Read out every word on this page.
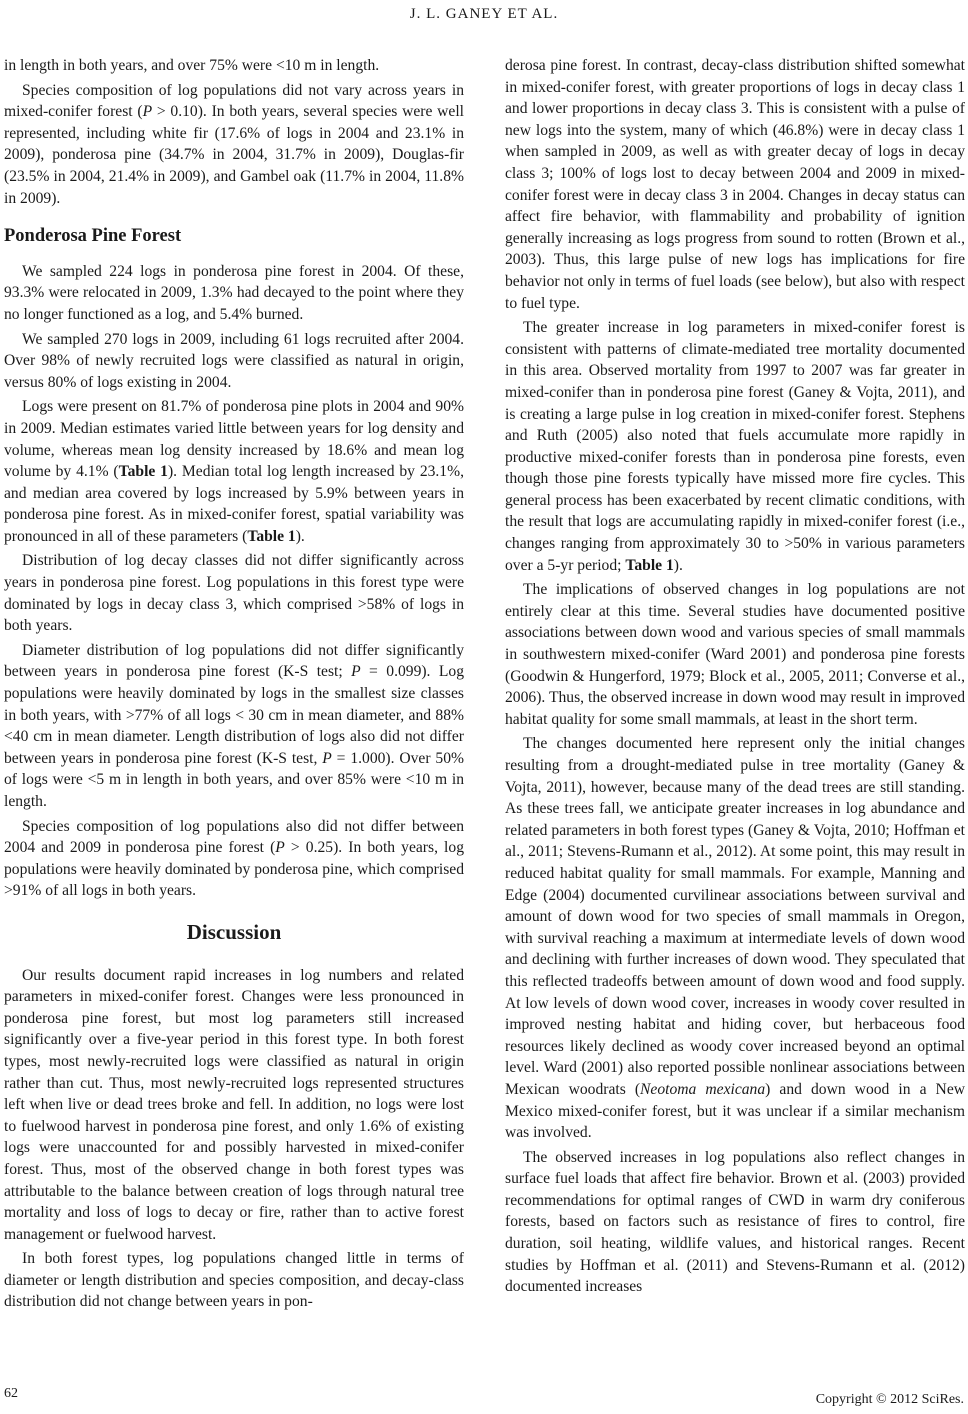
J. L. GANEY ET AL.

in length in both years, and over 75% were <10 m in length.

Species composition of log populations did not vary across years in mixed-conifer forest (P > 0.10). In both years, several species were well represented, including white fir (17.6% of logs in 2004 and 23.1% in 2009), ponderosa pine (34.7% in 2004, 31.7% in 2009), Douglas-fir (23.5% in 2004, 21.4% in 2009), and Gambel oak (11.7% in 2004, 11.8% in 2009).

Ponderosa Pine Forest

We sampled 224 logs in ponderosa pine forest in 2004. Of these, 93.3% were relocated in 2009, 1.3% had decayed to the point where they no longer functioned as a log, and 5.4% burned.

We sampled 270 logs in 2009, including 61 logs recruited after 2004. Over 98% of newly recruited logs were classified as natural in origin, versus 80% of logs existing in 2004.

Logs were present on 81.7% of ponderosa pine plots in 2004 and 90% in 2009. Median estimates varied little between years for log density and volume, whereas mean log density increased by 18.6% and mean log volume by 4.1% (Table 1). Median total log length increased by 23.1%, and median area covered by logs increased by 5.9% between years in ponderosa pine forest. As in mixed-conifer forest, spatial variability was pronounced in all of these parameters (Table 1).

Distribution of log decay classes did not differ significantly across years in ponderosa pine forest. Log populations in this forest type were dominated by logs in decay class 3, which comprised >58% of logs in both years.

Diameter distribution of log populations did not differ significantly between years in ponderosa pine forest (K-S test; P = 0.099). Log populations were heavily dominated by logs in the smallest size classes in both years, with >77% of all logs < 30 cm in mean diameter, and 88% <40 cm in mean diameter. Length distribution of logs also did not differ between years in ponderosa pine forest (K-S test, P = 1.000). Over 50% of logs were <5 m in length in both years, and over 85% were <10 m in length.

Species composition of log populations also did not differ between 2004 and 2009 in ponderosa pine forest (P > 0.25). In both years, log populations were heavily dominated by ponderosa pine, which comprised >91% of all logs in both years.

Discussion

Our results document rapid increases in log numbers and related parameters in mixed-conifer forest. Changes were less pronounced in ponderosa pine forest, but most log parameters still increased significantly over a five-year period in this forest type. In both forest types, most newly-recruited logs were classified as natural in origin rather than cut. Thus, most newly-recruited logs represented structures left when live or dead trees broke and fell. In addition, no logs were lost to fuelwood harvest in ponderosa pine forest, and only 1.6% of existing logs were unaccounted for and possibly harvested in mixed-conifer forest. Thus, most of the observed change in both forest types was attributable to the balance between creation of logs through natural tree mortality and loss of logs to decay or fire, rather than to active forest management or fuelwood harvest.

In both forest types, log populations changed little in terms of diameter or length distribution and species composition, and decay-class distribution did not change between years in pon-

derosa pine forest. In contrast, decay-class distribution shifted somewhat in mixed-conifer forest, with greater proportions of logs in decay class 1 and lower proportions in decay class 3. This is consistent with a pulse of new logs into the system, many of which (46.8%) were in decay class 1 when sampled in 2009, as well as with greater decay of logs in decay class 3; 100% of logs lost to decay between 2004 and 2009 in mixed-conifer forest were in decay class 3 in 2004. Changes in decay status can affect fire behavior, with flammability and probability of ignition generally increasing as logs progress from sound to rotten (Brown et al., 2003). Thus, this large pulse of new logs has implications for fire behavior not only in terms of fuel loads (see below), but also with respect to fuel type.

The greater increase in log parameters in mixed-conifer forest is consistent with patterns of climate-mediated tree mortality documented in this area. Observed mortality from 1997 to 2007 was far greater in mixed-conifer than in ponderosa pine forest (Ganey & Vojta, 2011), and is creating a large pulse in log creation in mixed-conifer forest. Stephens and Ruth (2005) also noted that fuels accumulate more rapidly in productive mixed-conifer forests than in ponderosa pine forests, even though those pine forests typically have missed more fire cycles. This general process has been exacerbated by recent climatic conditions, with the result that logs are accumulating rapidly in mixed-conifer forest (i.e., changes ranging from approximately 30 to >50% in various parameters over a 5-yr period; Table 1).

The implications of observed changes in log populations are not entirely clear at this time. Several studies have documented positive associations between down wood and various species of small mammals in southwestern mixed-conifer (Ward 2001) and ponderosa pine forests (Goodwin & Hungerford, 1979; Block et al., 2005, 2011; Converse et al., 2006). Thus, the observed increase in down wood may result in improved habitat quality for some small mammals, at least in the short term.

The changes documented here represent only the initial changes resulting from a drought-mediated pulse in tree mortality (Ganey & Vojta, 2011), however, because many of the dead trees are still standing. As these trees fall, we anticipate greater increases in log abundance and related parameters in both forest types (Ganey & Vojta, 2010; Hoffman et al., 2011; Stevens-Rumann et al., 2012). At some point, this may result in reduced habitat quality for small mammals. For example, Manning and Edge (2004) documented curvilinear associations between survival and amount of down wood for two species of small mammals in Oregon, with survival reaching a maximum at intermediate levels of down wood and declining with further increases of down wood. They speculated that this reflected tradeoffs between amount of down wood and food supply. At low levels of down wood cover, increases in woody cover resulted in improved nesting habitat and hiding cover, but herbaceous food resources likely declined as woody cover increased beyond an optimal level. Ward (2001) also reported possible nonlinear associations between Mexican woodrats (Neotoma mexicana) and down wood in a New Mexico mixed-conifer forest, but it was unclear if a similar mechanism was involved.

The observed increases in log populations also reflect changes in surface fuel loads that affect fire behavior. Brown et al. (2003) provided recommendations for optimal ranges of CWD in warm dry coniferous forests, based on factors such as resistance of fires to control, fire duration, soil heating, wildlife values, and historical ranges. Recent studies by Hoffman et al. (2011) and Stevens-Rumann et al. (2012) documented increases

62	Copyright © 2012 SciRes.
